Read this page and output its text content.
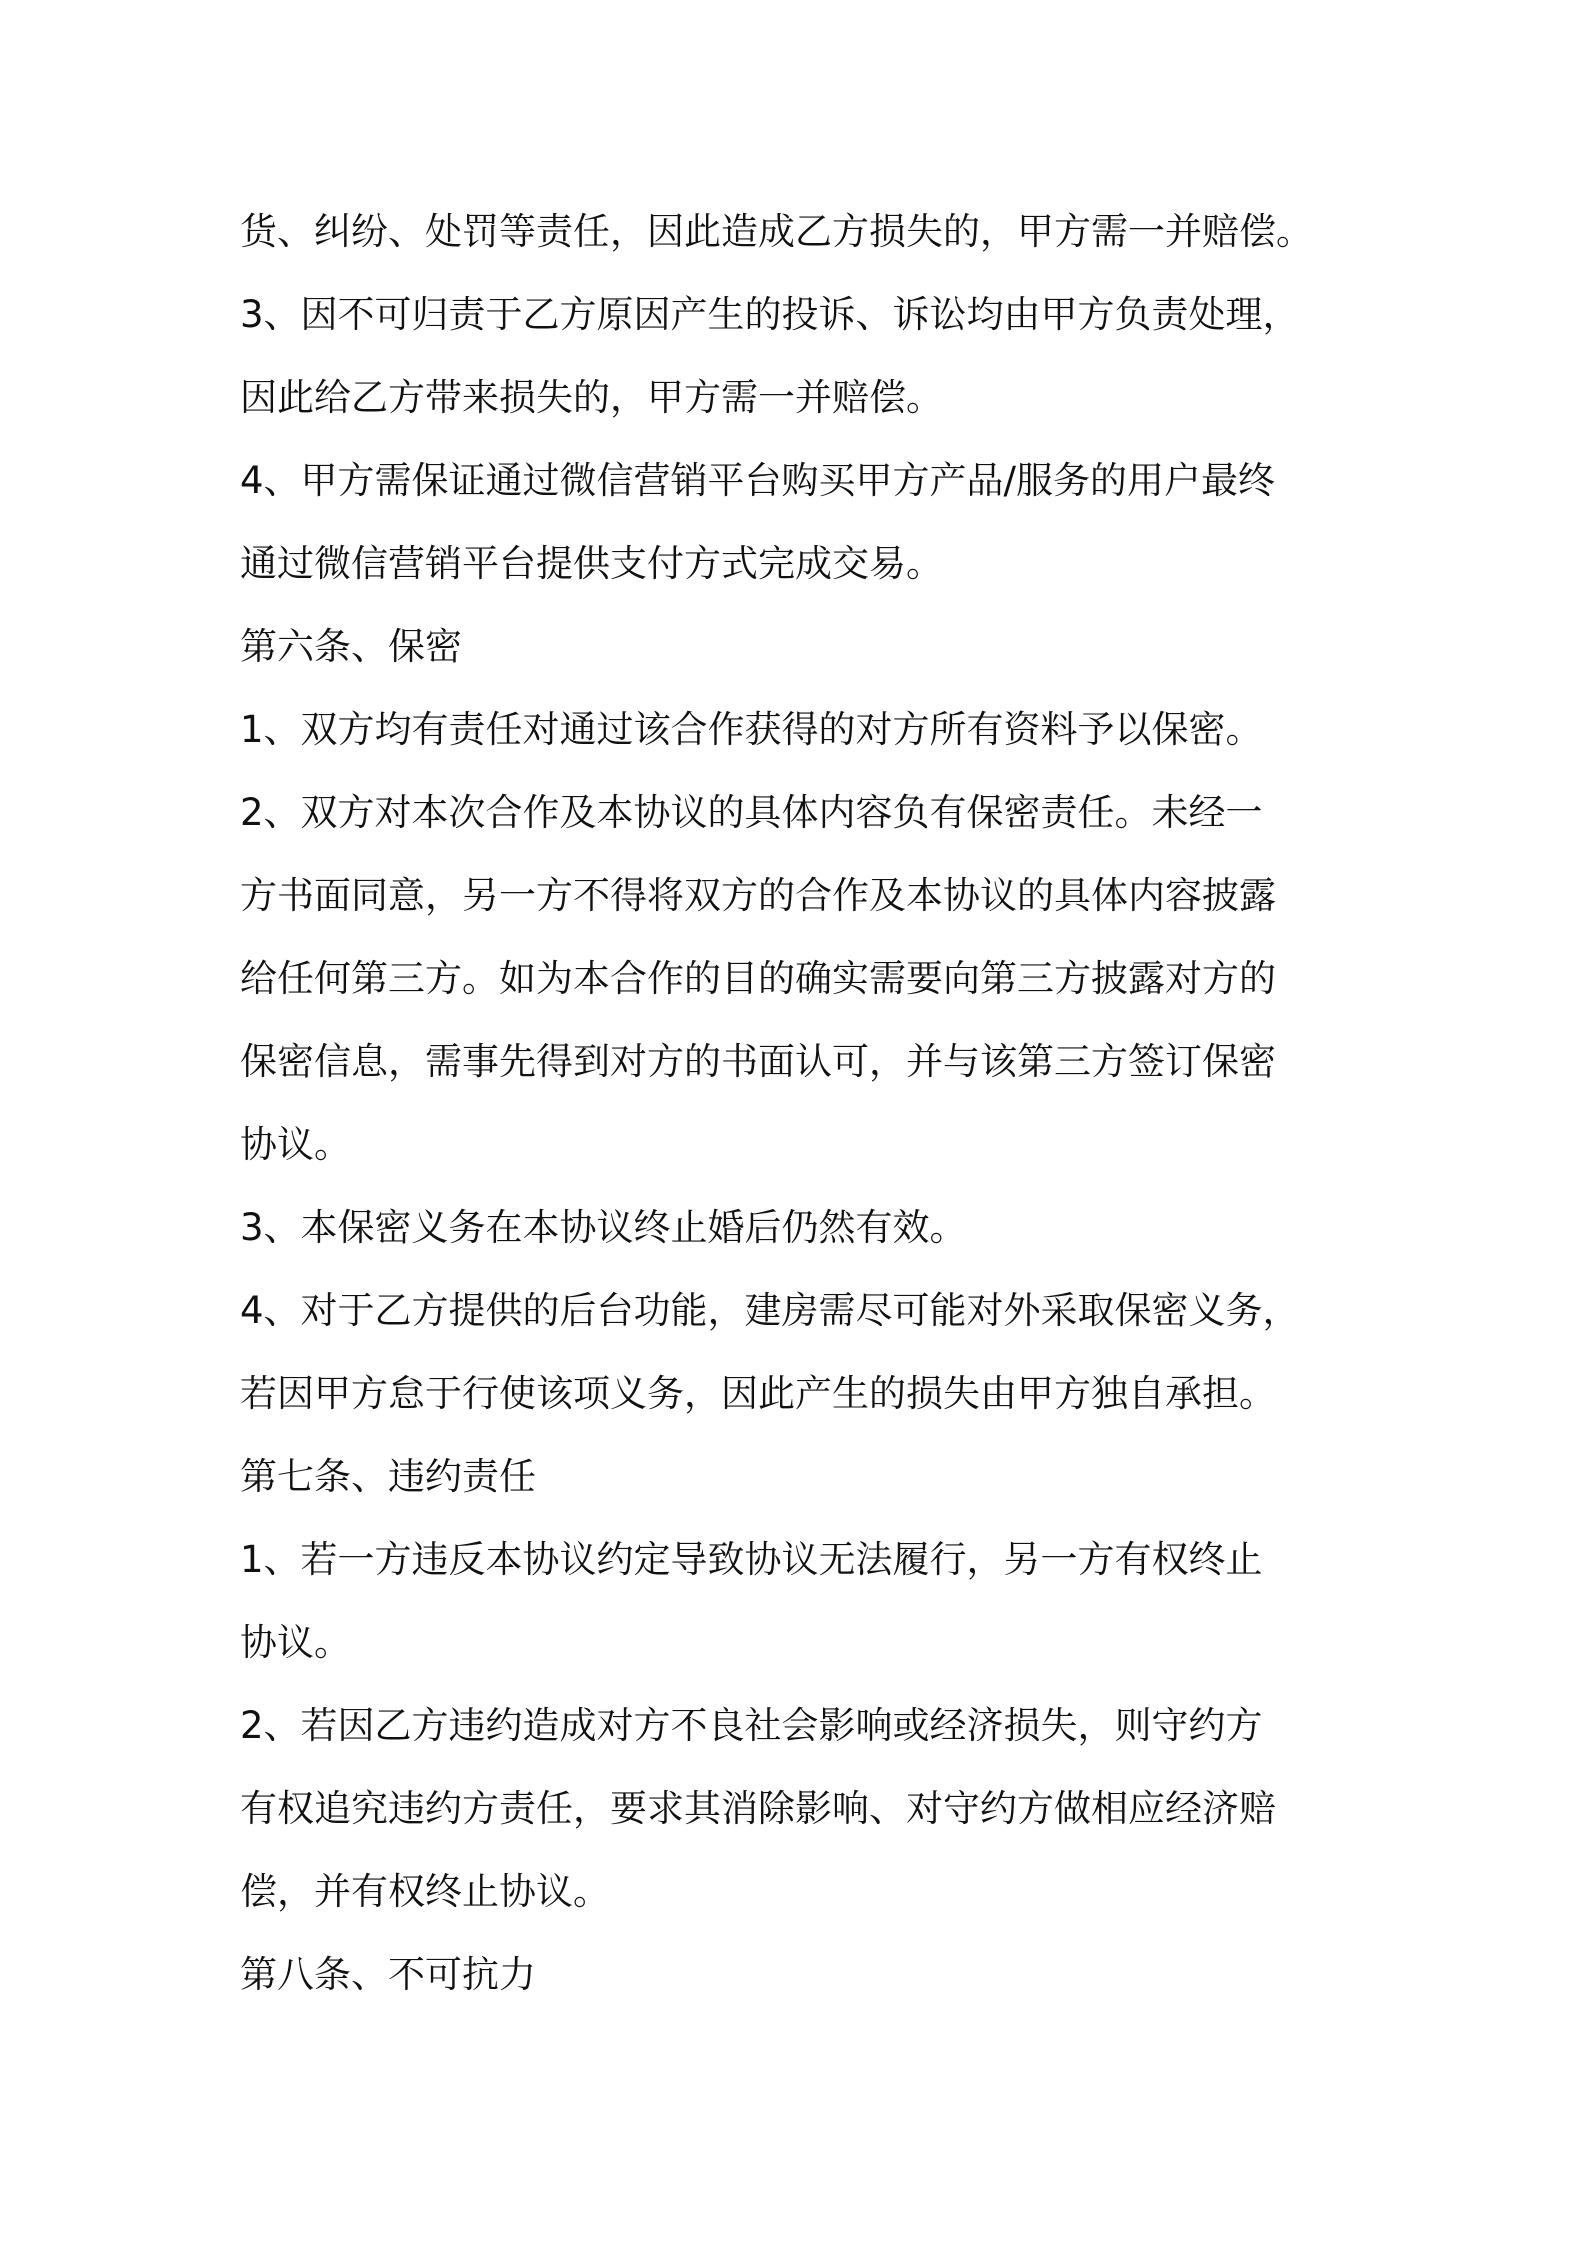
货、纠纷、处罚等责任，因此造成乙方损失的，甲方需一并赔偿。
3、因不可归责于乙方原因产生的投诉、诉讼均由甲方负责处理，
因此给乙方带来损失的，甲方需一并赔偿。
4、甲方需保证通过微信营销平台购买甲方产品/服务的用户最终
通过微信营销平台提供支付方式完成交易。
第六条、保密
1、双方均有责任对通过该合作获得的对方所有资料予以保密。
2、双方对本次合作及本协议的具体内容负有保密责任。未经一
方书面同意，另一方不得将双方的合作及本协议的具体内容披露
给任何第三方。如为本合作的目的确实需要向第三方披露对方的
保密信息，需事先得到对方的书面认可，并与该第三方签订保密
协议。
3、本保密义务在本协议终止婚后仍然有效。
4、对于乙方提供的后台功能，建房需尽可能对外采取保密义务，
若因甲方怠于行使该项义务，因此产生的损失由甲方独自承担。
第七条、违约责任
1、若一方违反本协议约定导致协议无法履行，另一方有权终止
协议。
2、若因乙方违约造成对方不良社会影响或经济损失，则守约方
有权追究违约方责任，要求其消除影响、对守约方做相应经济赔
偿，并有权终止协议。
第八条、不可抗力
